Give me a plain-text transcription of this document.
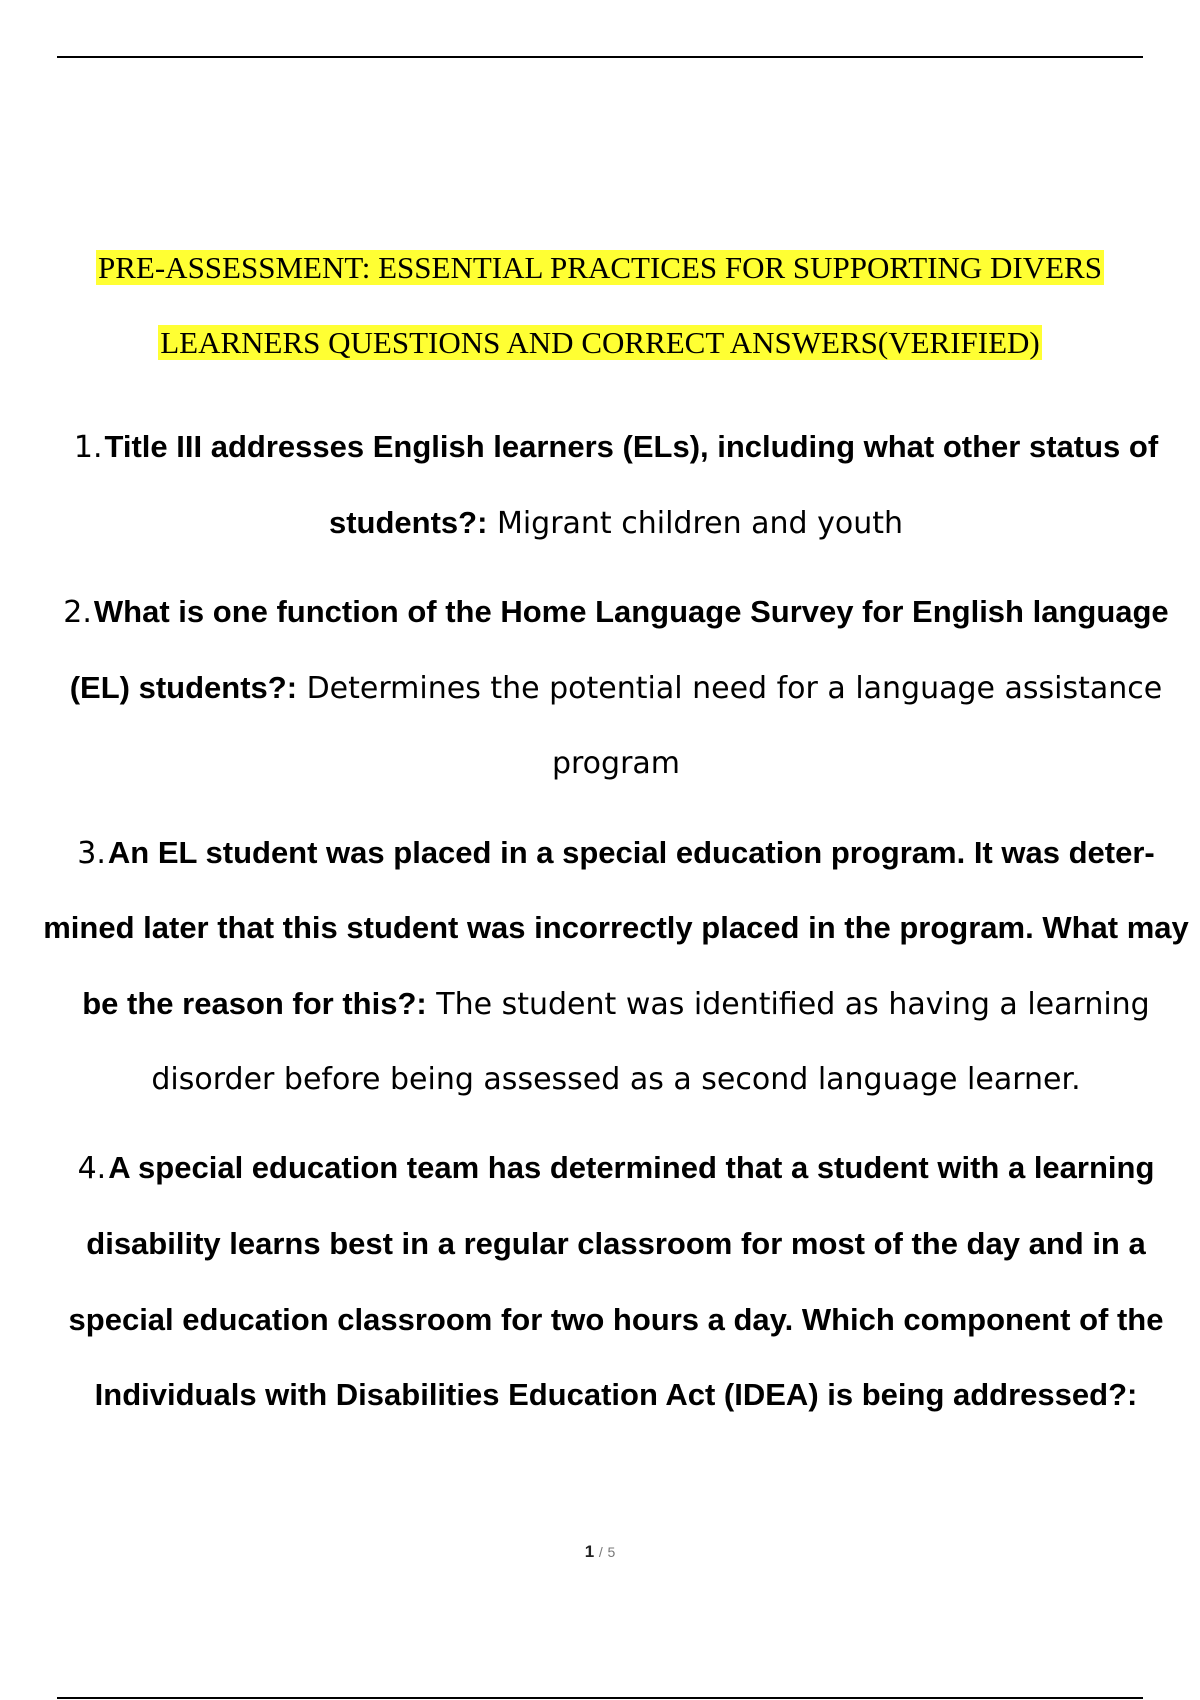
PRE-ASSESSMENT: ESSENTIAL PRACTICES FOR SUPPORTING DIVERS
LEARNERS QUESTIONS AND CORRECT ANSWERS(VERIFIED)

1.Title III addresses English learners (ELs), including what other status of students?: Migrant children and youth

2.What is one function of the Home Language Survey for English language (EL) students?: Determines the potential need for a language assistance program

3.An EL student was placed in a special education program. It was deter- mined later that this student was incorrectly placed in the program. What may be the reason for this?: The student was identified as having a learning disorder before being assessed as a second language learner.

4.A special education team has determined that a student with a learning disability learns best in a regular classroom for most of the day and in a special education classroom for two hours a day. Which component of the Individuals with Disabilities Education Act (IDEA) is being addressed?:

1 / 5
